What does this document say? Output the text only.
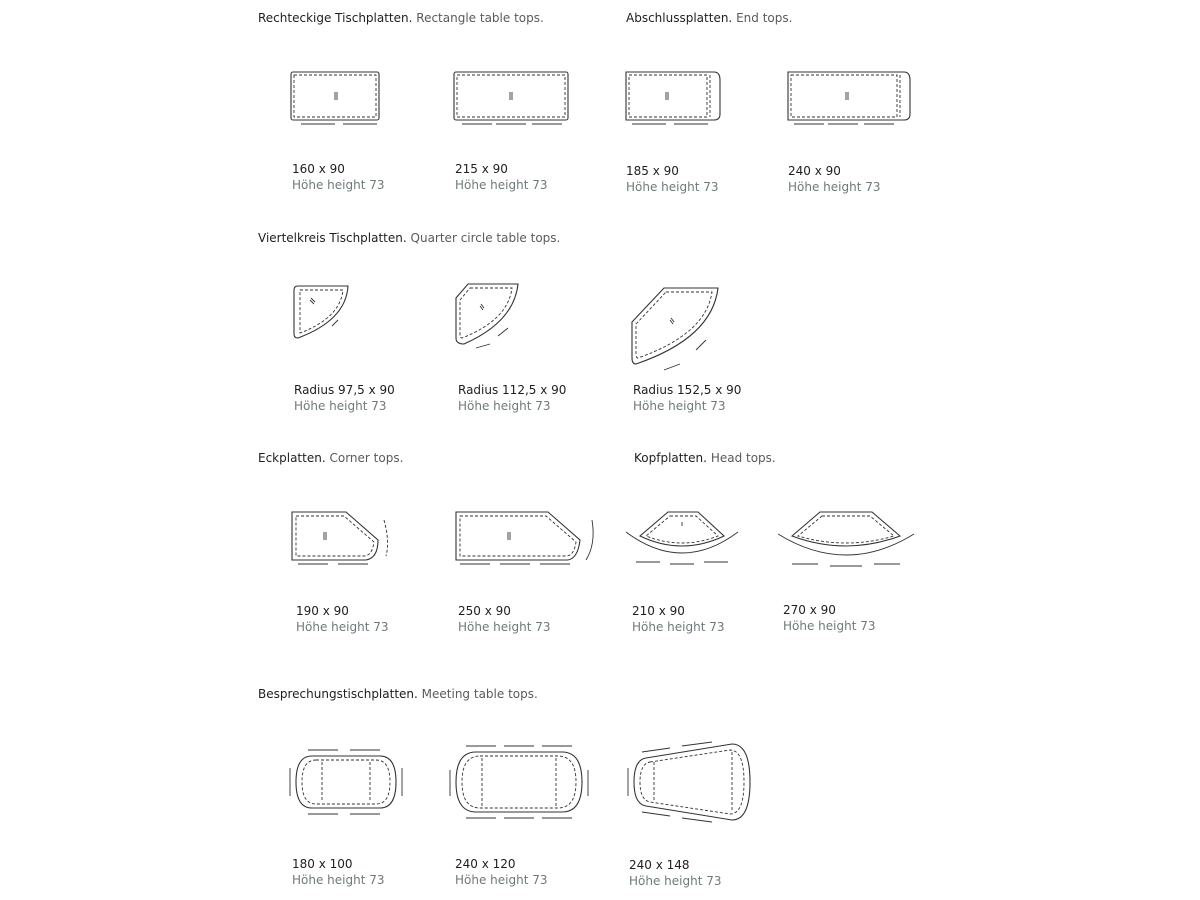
Rechteckige Tischplatten. Rectangle table tops.	Abschlussplatten. End tops.
Viertelkreis Tischplatten. Quarter circle table tops.
Eckplatten. Corner tops.	Kopfplatten. Head tops.
Besprechungstischplatten. Meeting table tops.
160 x 90
Höhe height 73
215 x 90
Höhe height 73
185 x 90
Höhe height 73
240 x 90
Höhe height 73
Radius 97,5 x 90
Höhe height 73
Radius 112,5 x 90
Höhe height 73
Radius 152,5 x 90
Höhe height 73
190 x 90
Höhe height 73
250 x 90
Höhe height 73
210 x 90
Höhe height 73
270 x 90
Höhe height 73
180 x 100
Höhe height 73
240 x 120
Höhe height 73
240 x 148
Höhe height 73
